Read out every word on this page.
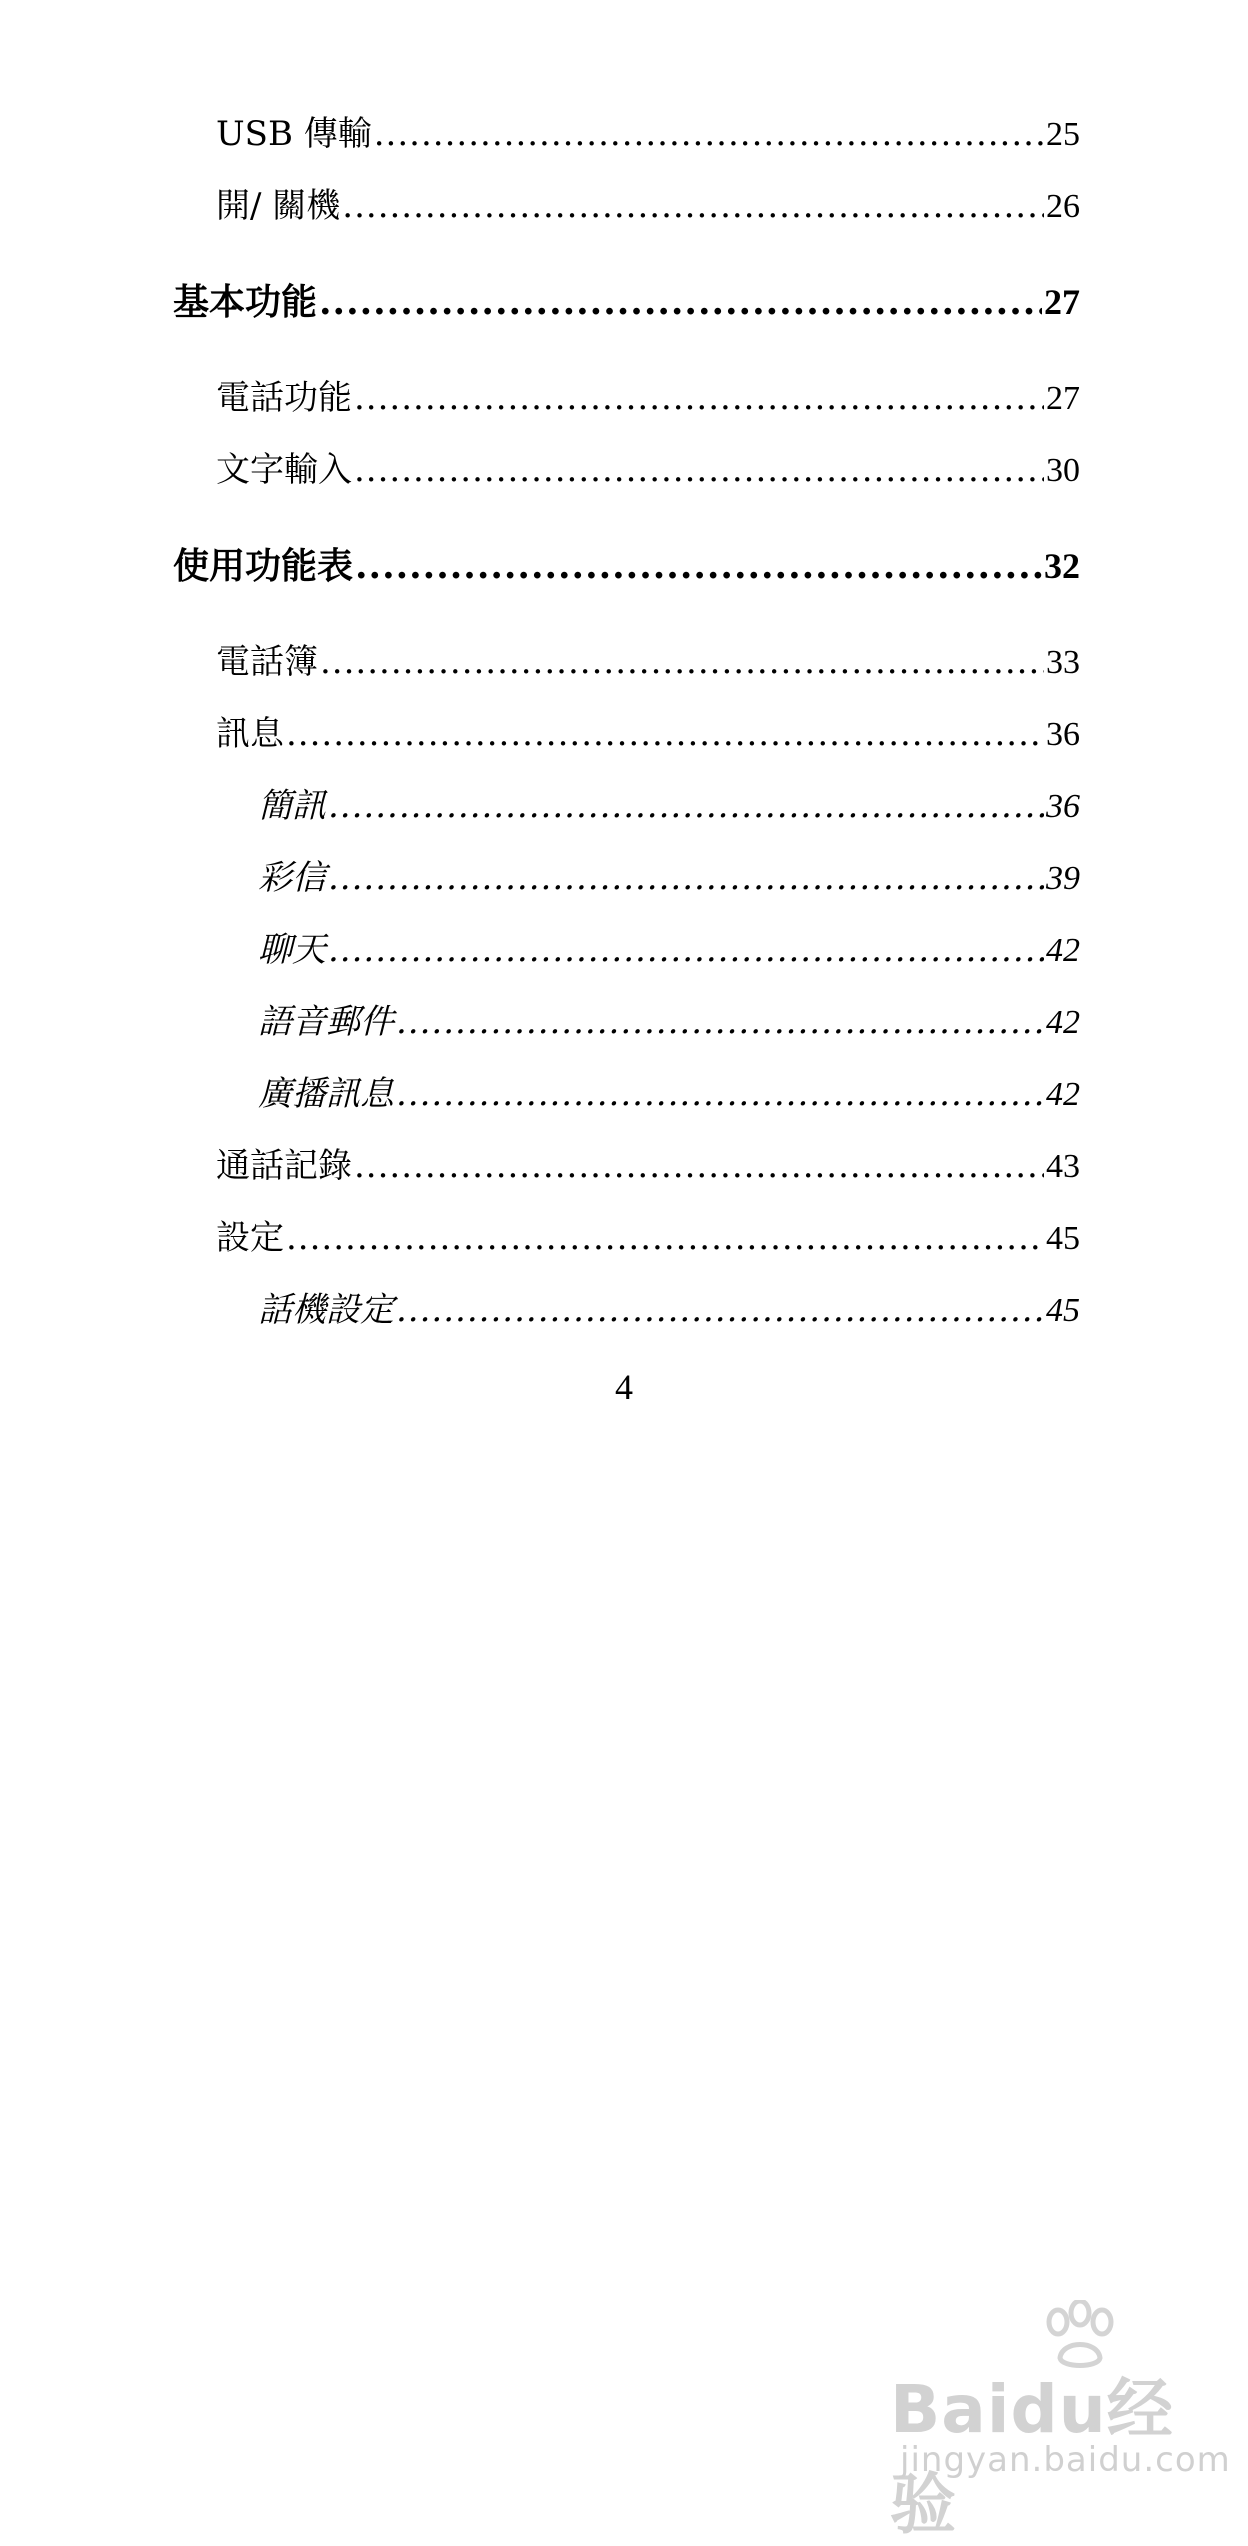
USB 傳輸 .....	25
開/ 關機 .....	26
基本功能 .....	27
電話功能 .....	27
文字輸入 .....	30
使用功能表 .....	32
電話簿 .....	33
訊息 .....	36
簡訊 .....	36
彩信 .....	39
聊天 .....	42
語音郵件 .....	42
廣播訊息 .....	42
通話記錄 .....	43
設定 .....	45
話機設定 .....	45
4
Baidu经验
jingyan.baidu.com
